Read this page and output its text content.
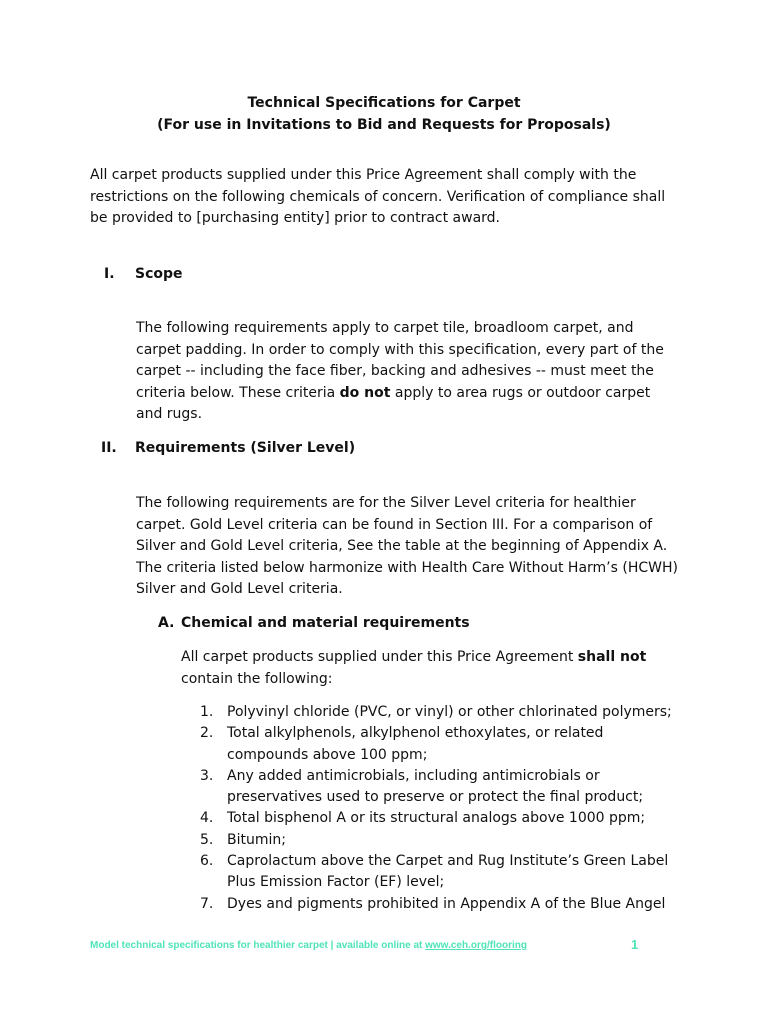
Technical Specifications for Carpet
(For use in Invitations to Bid and Requests for Proposals)
All carpet products supplied under this Price Agreement shall comply with the restrictions on the following chemicals of concern. Verification of compliance shall be provided to [purchasing entity] prior to contract award.
I. Scope
The following requirements apply to carpet tile, broadloom carpet, and carpet padding. In order to comply with this specification, every part of the carpet -- including the face fiber, backing and adhesives -- must meet the criteria below. These criteria do not apply to area rugs or outdoor carpet and rugs.
II. Requirements (Silver Level)
The following requirements are for the Silver Level criteria for healthier carpet. Gold Level criteria can be found in Section III. For a comparison of Silver and Gold Level criteria, See the table at the beginning of Appendix A. The criteria listed below harmonize with Health Care Without Harm’s (HCWH) Silver and Gold Level criteria.
A. Chemical and material requirements
All carpet products supplied under this Price Agreement shall not contain the following:
1. Polyvinyl chloride (PVC, or vinyl) or other chlorinated polymers;
2. Total alkylphenols, alkylphenol ethoxylates, or related compounds above 100 ppm;
3. Any added antimicrobials, including antimicrobials or preservatives used to preserve or protect the final product;
4. Total bisphenol A or its structural analogs above 1000 ppm;
5. Bitumin;
6. Caprolactum above the Carpet and Rug Institute’s Green Label Plus Emission Factor (EF) level;
7. Dyes and pigments prohibited in Appendix A of the Blue Angel
Model technical specifications for healthier carpet | available online at www.ceh.org/flooring	1
